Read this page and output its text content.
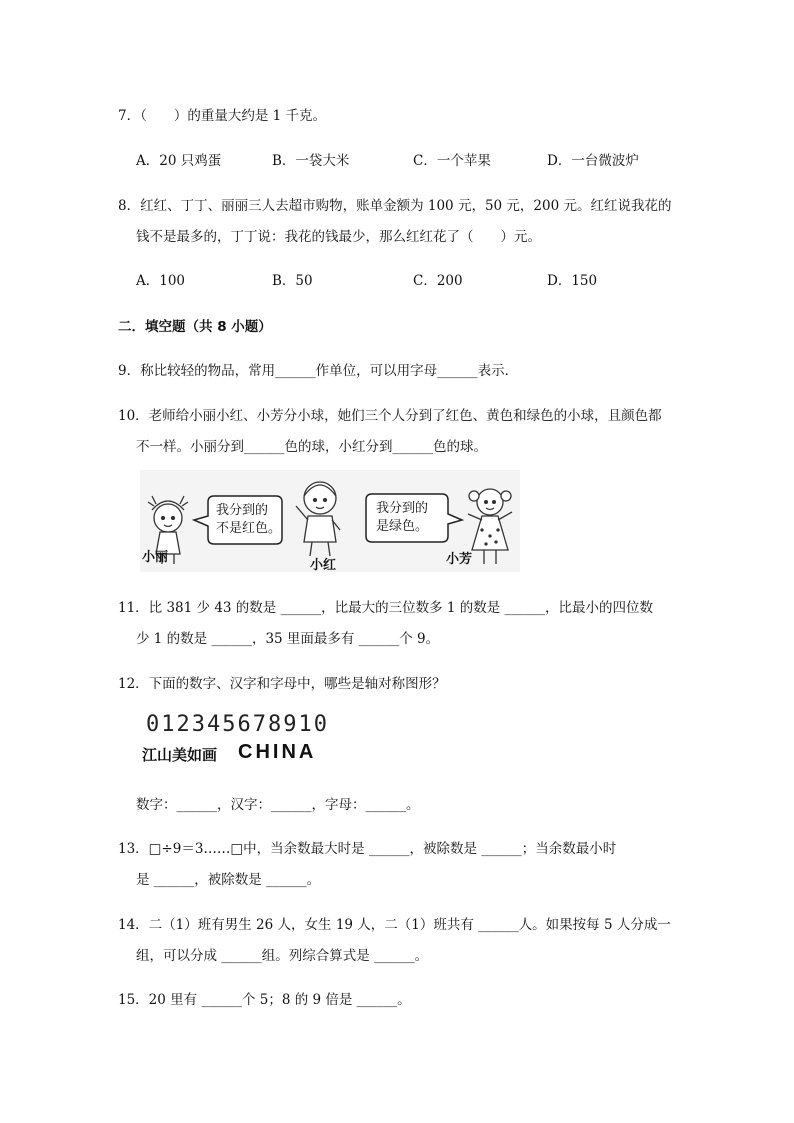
7．（　　）的重量大约是 1 千克。
A．20 只鸡蛋	B．一袋大米	C．一个苹果	D．一台微波炉
8．红红、丁丁、丽丽三人去超市购物，账单金额为 100 元，50 元，200 元。红红说我花的
钱不是最多的，丁丁说：我花的钱最少，那么红红花了（　　）元。
A．100	B．50	C．200	D．150
二．填空题（共 8 小题）
9．称比较轻的物品，常用______作单位，可以用字母______表示．
10．老师给小丽小红、小芳分小球，她们三个人分到了红色、黄色和绿色的小球，且颜色都
不一样。小丽分到______色的球，小红分到______色的球。
我分到的
不是红色。
我分到的
是绿色。
小丽
小红	小芳
11．比 381 少 43 的数是 ______，比最大的三位数多 1 的数是 ______，比最小的四位数
少 1 的数是 ______，35 里面最多有 ______个 9。
12．下面的数字、汉字和字母中，哪些是轴对称图形？
012345678910
江山美如画 CHINA
数字：______，汉字：______，字母：______。
13．□÷9＝3……□中，当余数最大时是 ______，被除数是 ______；当余数最小时
是 ______，被除数是 ______。
14．二（1）班有男生 26 人，女生 19 人，二（1）班共有 ______人。如果按每 5 人分成一
组，可以分成 ______组。列综合算式是 ______。
15．20 里有 ______个 5；8 的 9 倍是 ______。
